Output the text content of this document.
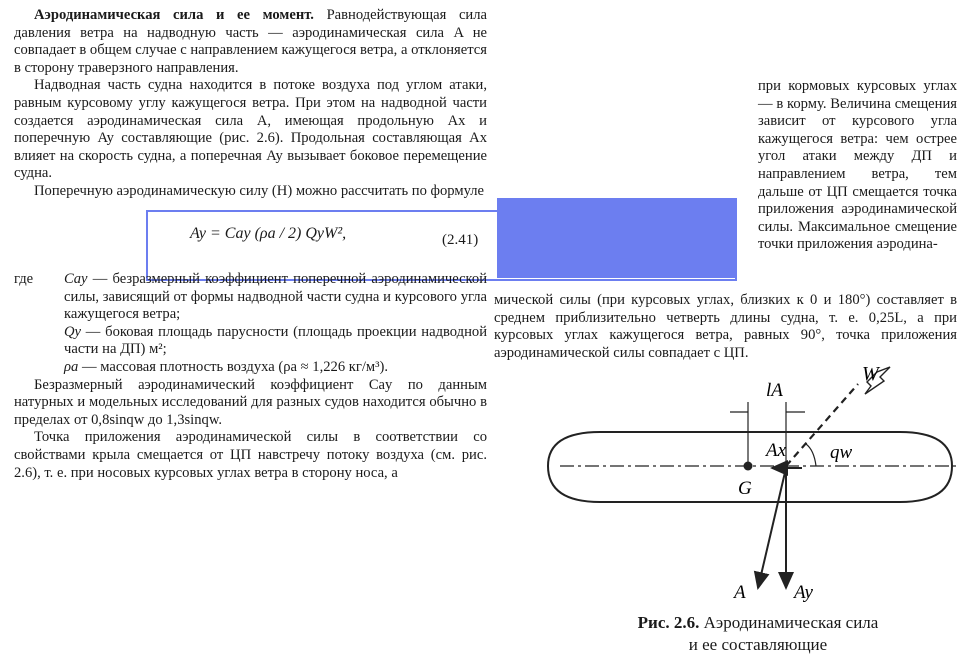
Аэродинамическая сила и ее момент. Равнодействующая сила давления ветра на надводную часть — аэродинамическая сила A не совпадает в общем случае с направлением кажущегося ветра, а отклоняется в сторону траверзного направления.

Надводная часть судна находится в потоке воздуха под углом атаки, равным курсовому углу кажущегося ветра. При этом на надводной части создается аэродинамическая сила A, имеющая продольную Ax и поперечную Ay составляющие (рис. 2.6). Продольная составляющая Ax влияет на скорость судна, а поперечная Ay вызывает боковое перемещение судна.

Поперечную аэродинамическую силу (Н) можно рассчитать по формуле

Ay = Cay (ρa / 2) QyW²,	(2.41)
где	Cay — безразмерный коэффициент поперечной аэродинамической силы, зависящий от формы надводной части судна и курсового угла кажущегося ветра;
Qy — боковая площадь парусности (площадь проекции надводной части на ДП) м²;
ρa — массовая плотность воздуха (ρa ≈ 1,226 кг/м³).

Безразмерный аэродинамический коэффициент Cay по данным натурных и модельных исследований для разных судов находится обычно в пределах от 0,8sinqw до 1,3sinqw.

Точка приложения аэродинамической силы в соответствии со свойствами крыла смещается от ЦП навстречу потоку воздуха (см. рис. 2.6), т. е. при носовых курсовых углах ветра в сторону носа, а

при кормовых курсовых углах — в корму. Величина смещения зависит от курсового угла кажущегося ветра: чем острее угол атаки между ДП и направлением ветра, тем дальше от ЦП смещается точка приложения аэродинамической силы. Максимальное смещение точки приложения аэродина-
мической силы (при курсовых углах, близких к 0 и 180°) составляет в среднем приблизительно четверть длины судна, т. е. 0,25L, а при курсовых углах кажущегося ветра, равных 90°, точка приложения аэродинамической силы совпадает с ЦП.
W
lA
Ax qw
G
A	Ay
Рис. 2.6. Аэродинамическая сила
и ее составляющие
